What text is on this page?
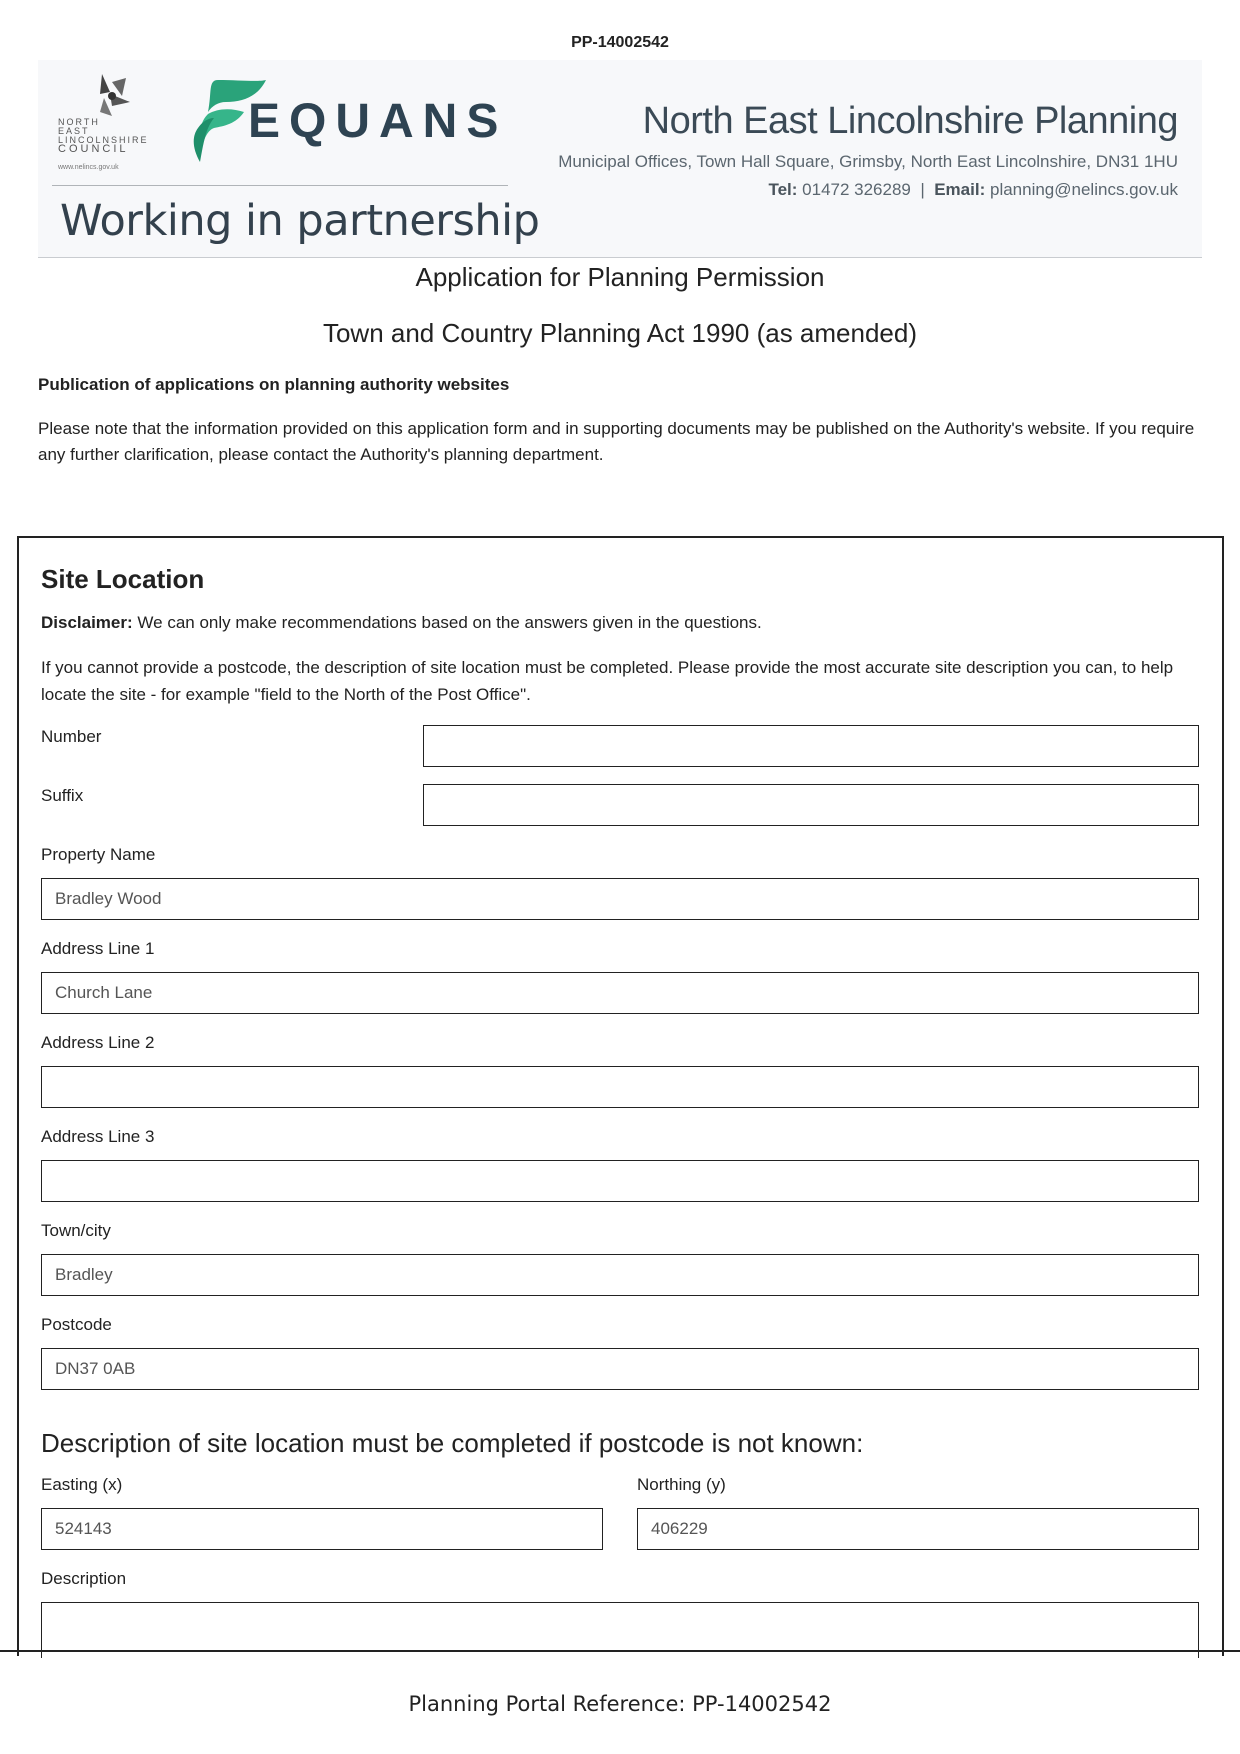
PP-14002542
NORTH
EAST
LINCOLNSHIRE
COUNCIL
www.nelincs.gov.uk
EQUANS
Working in partnership
North East Lincolnshire Planning
Municipal Offices, Town Hall Square, Grimsby, North East Lincolnshire, DN31 1HU
Tel: 01472 326289 | Email: planning@nelincs.gov.uk
Application for Planning Permission
Town and Country Planning Act 1990 (as amended)
Publication of applications on planning authority websites
Please note that the information provided on this application form and in supporting documents may be published on the Authority's website. If you require any further clarification, please contact the Authority's planning department.
Site Location
Disclaimer: We can only make recommendations based on the answers given in the questions.
If you cannot provide a postcode, the description of site location must be completed. Please provide the most accurate site description you can, to help locate the site - for example "field to the North of the Post Office".
Number
Suffix
Property Name
Bradley Wood
Address Line 1
Church Lane
Address Line 2
Address Line 3
Town/city
Bradley
Postcode
DN37 0AB
Description of site location must be completed if postcode is not known:
Easting (x)
524143
Northing (y)
406229
Description
Planning Portal Reference: PP-14002542
